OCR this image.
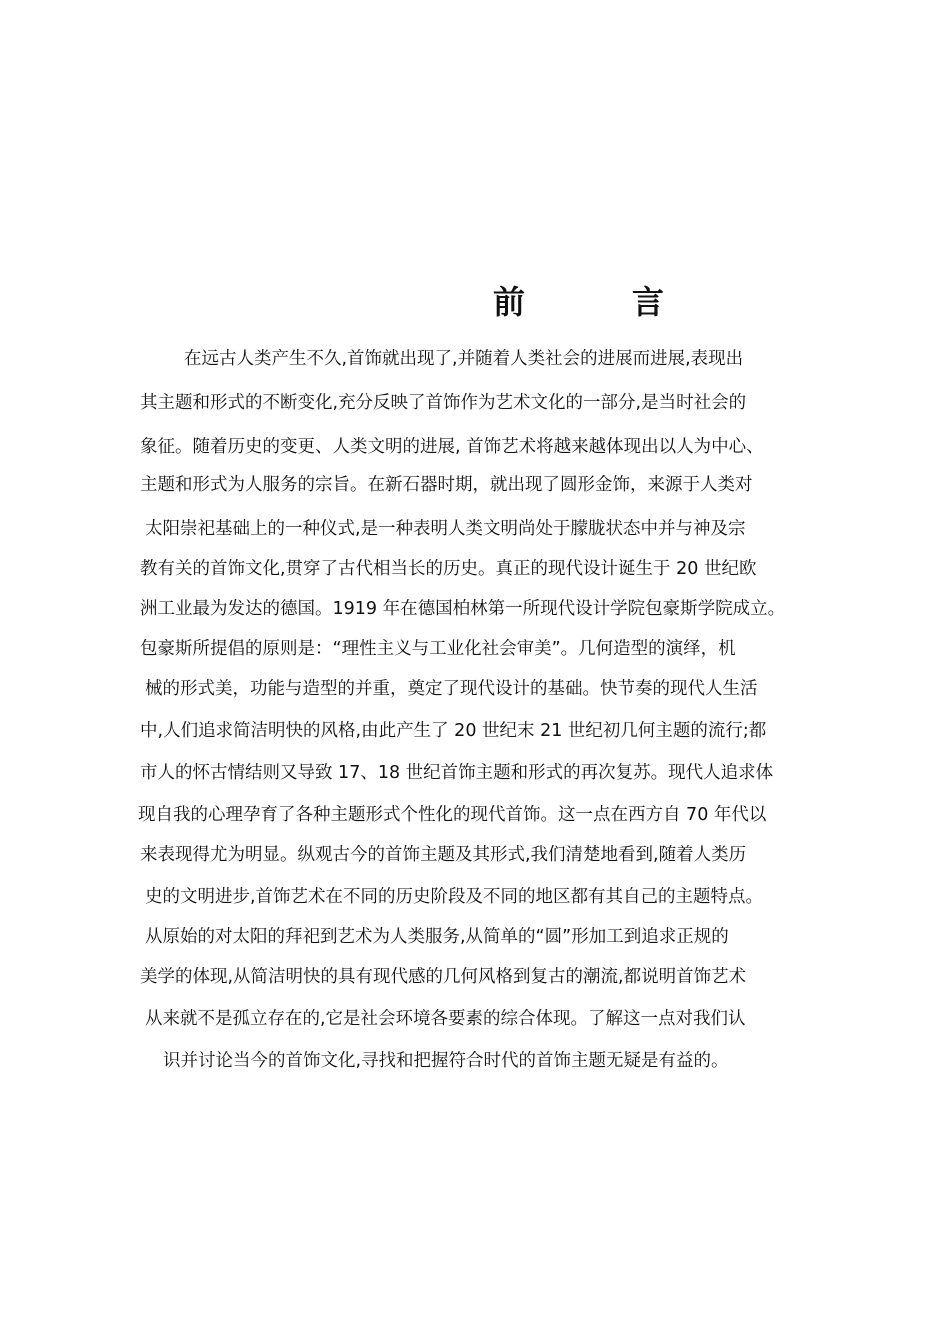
前	言
在远古人类产生不久,首饰就出现了,并随着人类社会的进展而进展,表现出
其主题和形式的不断变化,充分反映了首饰作为艺术文化的一部分,是当时社会的
象征。随着历史的变更、人类文明的进展, 首饰艺术将越来越体现出以人为中心、
主题和形式为人服务的宗旨。在新石器时期，就出现了圆形金饰，来源于人类对
太阳崇祀基础上的一种仪式,是一种表明人类文明尚处于朦胧状态中并与神及宗
教有关的首饰文化,贯穿了古代相当长的历史。真正的现代设计诞生于 20 世纪欧
洲工业最为发达的德国。1919 年在德国柏林第一所现代设计学院包豪斯学院成立。
包豪斯所提倡的原则是：“理性主义与工业化社会审美”。几何造型的演绎，机
械的形式美，功能与造型的并重，奠定了现代设计的基础。快节奏的现代人生活
中,人们追求简洁明快的风格,由此产生了 20 世纪末 21 世纪初几何主题的流行;都
市人的怀古情结则又导致 17、18 世纪首饰主题和形式的再次复苏。现代人追求体
现自我的心理孕育了各种主题形式个性化的现代首饰。这一点在西方自 70 年代以
来表现得尤为明显。纵观古今的首饰主题及其形式,我们清楚地看到,随着人类历
史的文明进步,首饰艺术在不同的历史阶段及不同的地区都有其自己的主题特点。
从原始的对太阳的拜祀到艺术为人类服务,从简单的“圆”形加工到追求正规的
美学的体现,从简洁明快的具有现代感的几何风格到复古的潮流,都说明首饰艺术
从来就不是孤立存在的,它是社会环境各要素的综合体现。了解这一点对我们认
识并讨论当今的首饰文化,寻找和把握符合时代的首饰主题无疑是有益的。
